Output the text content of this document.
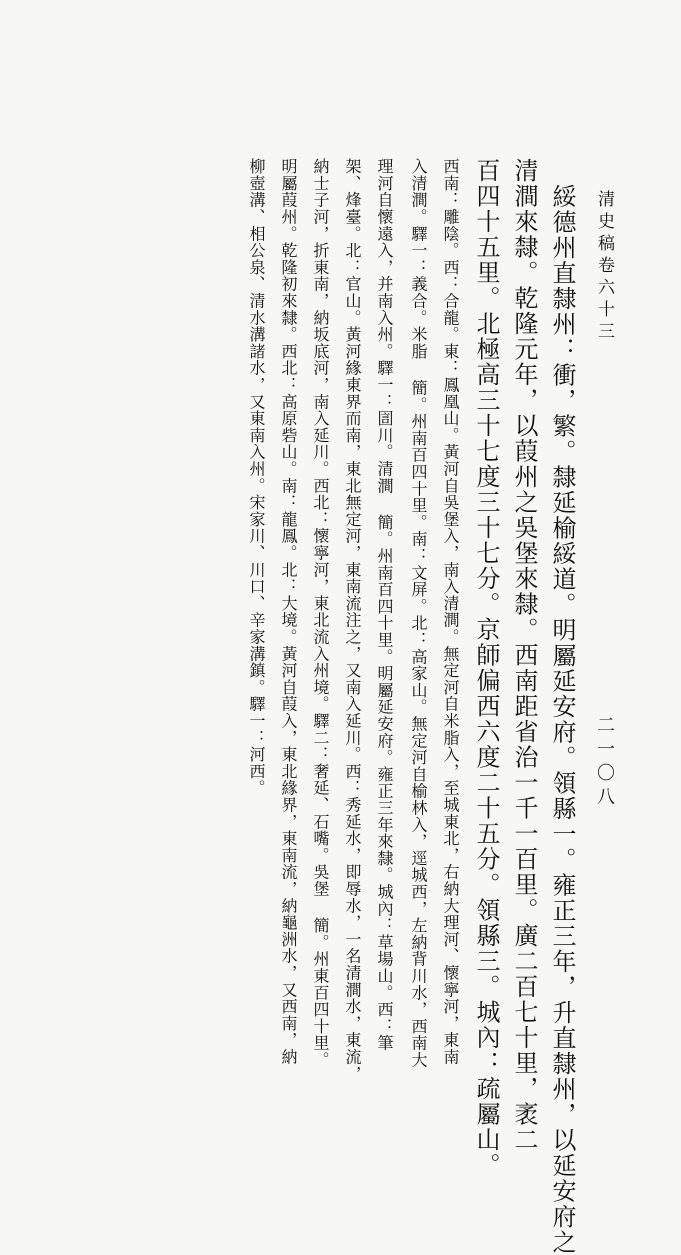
清史稿卷六十三
二一〇八
綏德州直隸州：衝，繁。隸延榆綏道。明屬延安府。領縣一。雍正三年，升直隸州，以延安府之
清澗來隸。乾隆元年，以葭州之吳堡來隸。西南距省治一千一百里。廣二百七十里，袤二
百四十五里。北極高三十七度三十七分。京師偏西六度二十五分。領縣三。城內：疏屬山。
西南：雕陰。西：合龍。東：鳳凰山。黃河自吳堡入，南入清澗。無定河自米脂入，至城東北，右納大理河、懷寧河，東南
入清澗。驛一：義合。米脂 簡。州南百四十里。南：文屏。北：高家山。無定河自榆林入，逕城西，左納背川水，西南大
理河自懷遠入，并南入州。驛一：圁川。清澗 簡。州南百四十里。明屬延安府。雍正三年來隸。城內：草場山。西：筆
架、烽臺。北：官山。黃河緣東界而南，東北無定河，東南流注之，又南入延川。西：秀延水，即辱水，一名清澗水，東流，
納士子河，折東南，納坂底河，南入延川。西北：懷寧河，東北流入州境。驛二：奢延、石嘴。吳堡 簡。州東百四十里。
明屬葭州。乾隆初來隸。西北：高原砦山。南：龍鳳。北：大境。黃河自葭入，東北緣界，東南流，納龜洲水，又西南，納
柳壺溝、相公泉、清水溝諸水，又東南入州。宋家川、川口、辛家溝鎮。驛一：河西。
